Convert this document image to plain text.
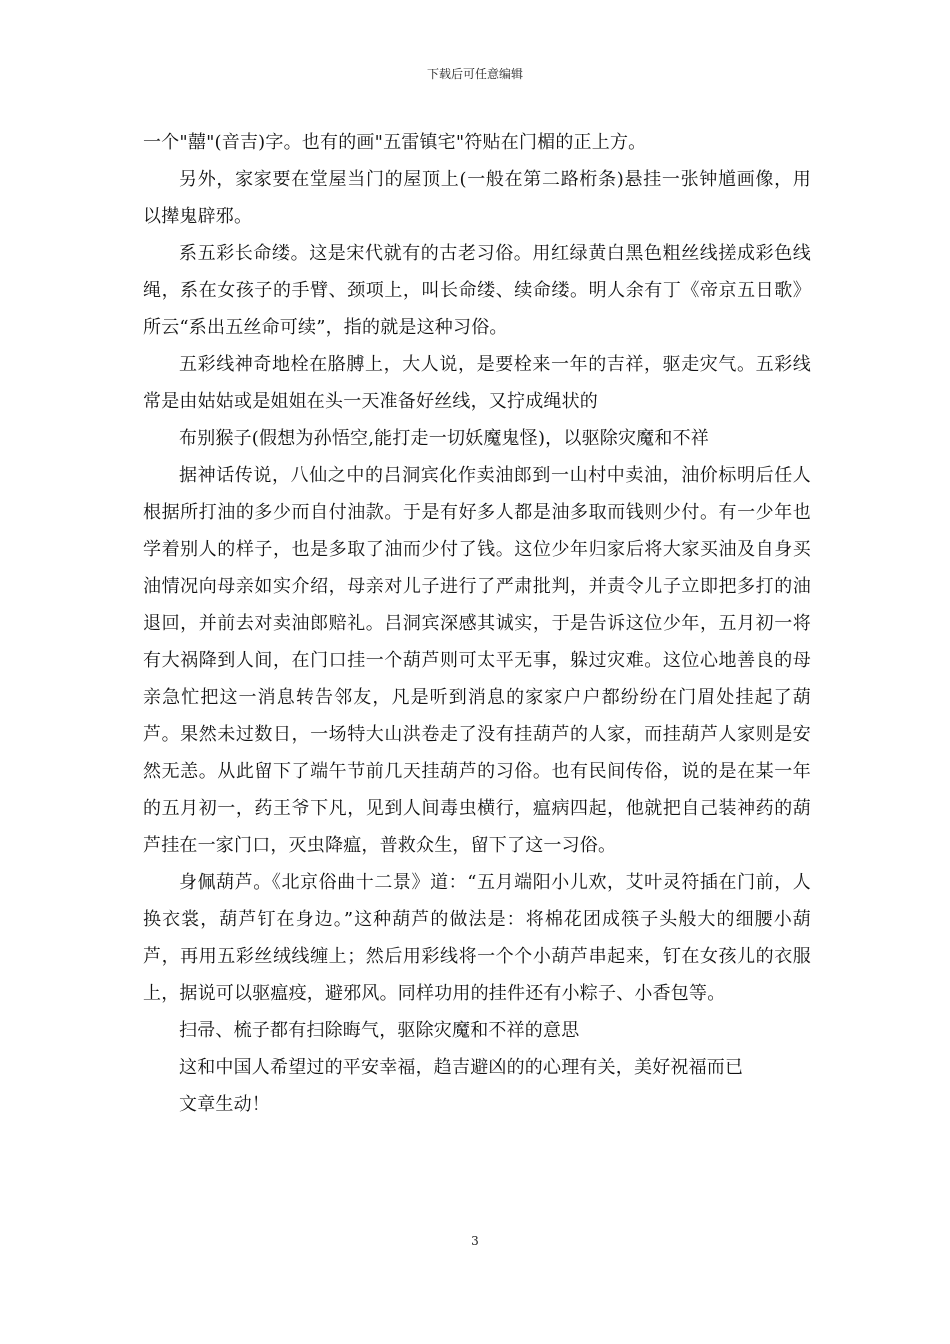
下载后可任意编辑

一个"囍"(音吉)字。也有的画"五雷镇宅"符贴在门楣的正上方。

另外，家家要在堂屋当门的屋顶上(一般在第二路桁条)悬挂一张钟馗画像，用以撵鬼辟邪。

系五彩长命缕。这是宋代就有的古老习俗。用红绿黄白黑色粗丝线搓成彩色线绳，系在女孩子的手臂、颈项上，叫长命缕、续命缕。明人余有丁《帝京五日歌》所云“系出五丝命可续”，指的就是这种习俗。

五彩线神奇地栓在胳膊上，大人说，是要栓来一年的吉祥，驱走灾气。五彩线常是由姑姑或是姐姐在头一天准备好丝线，又拧成绳状的

布别猴子(假想为孙悟空,能打走一切妖魔鬼怪)，以驱除灾魔和不祥

据神话传说，八仙之中的吕洞宾化作卖油郎到一山村中卖油，油价标明后任人根据所打油的多少而自付油款。于是有好多人都是油多取而钱则少付。有一少年也学着别人的样子，也是多取了油而少付了钱。这位少年归家后将大家买油及自身买油情况向母亲如实介绍，母亲对儿子进行了严肃批判，并责令儿子立即把多打的油退回，并前去对卖油郎赔礼。吕洞宾深感其诚实，于是告诉这位少年，五月初一将有大祸降到人间，在门口挂一个葫芦则可太平无事，躲过灾难。这位心地善良的母亲急忙把这一消息转告邻友，凡是听到消息的家家户户都纷纷在门眉处挂起了葫芦。果然未过数日，一场特大山洪卷走了没有挂葫芦的人家，而挂葫芦人家则是安然无恙。从此留下了端午节前几天挂葫芦的习俗。也有民间传俗，说的是在某一年的五月初一，药王爷下凡，见到人间毒虫横行，瘟病四起，他就把自己装神药的葫芦挂在一家门口，灭虫降瘟，普救众生，留下了这一习俗。

身佩葫芦。《北京俗曲十二景》道：“五月端阳小儿欢，艾叶灵符插在门前，人换衣裳，葫芦钉在身边。”这种葫芦的做法是：将棉花团成筷子头般大的细腰小葫芦，再用五彩丝绒线缠上；然后用彩线将一个个小葫芦串起来，钉在女孩儿的衣服上，据说可以驱瘟疫，避邪风。同样功用的挂件还有小粽子、小香包等。

扫帚、梳子都有扫除晦气，驱除灾魔和不祥的意思

这和中国人希望过的平安幸福，趋吉避凶的的心理有关，美好祝福而已

文章生动！

3
